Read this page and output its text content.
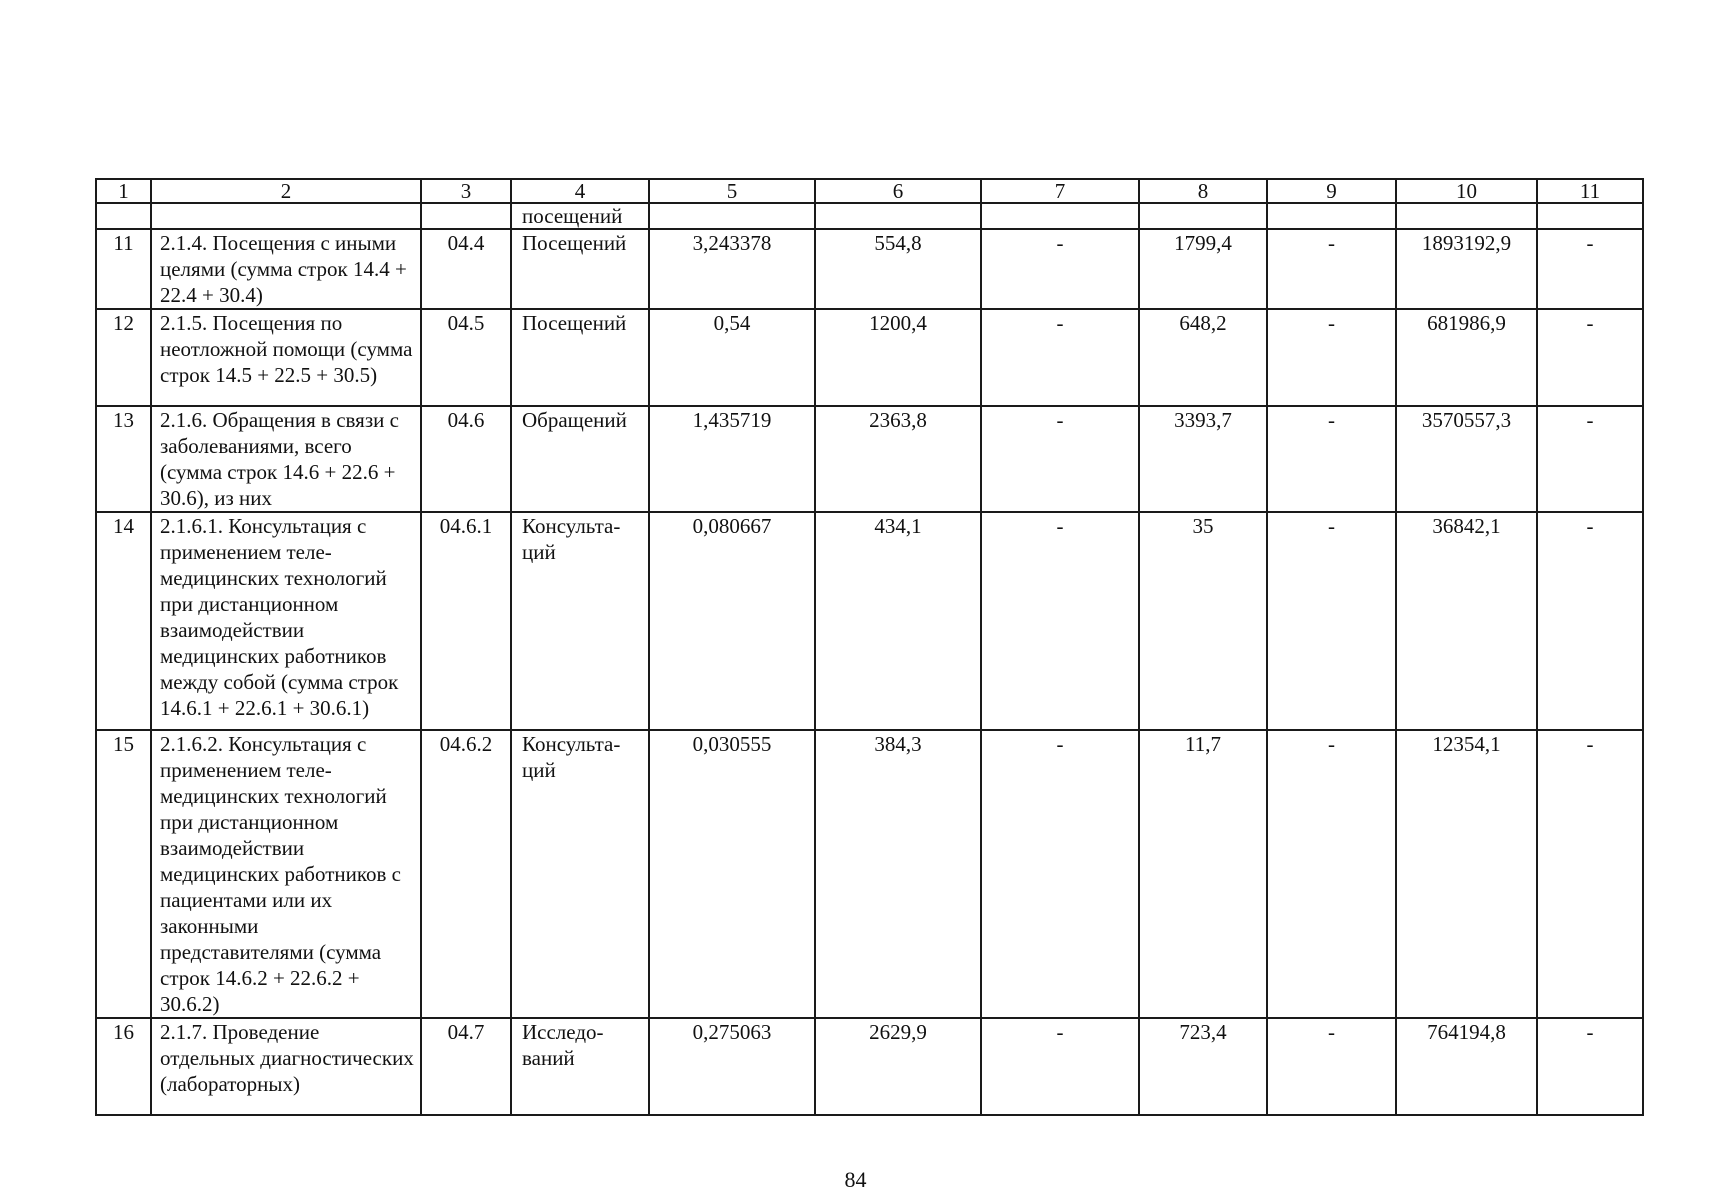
1	2	3	4	5	6	7	8	9	10	11
			посещений							
11	2.1.4. Посещения с иными целями (сумма строк 14.4 + 22.4 + 30.4)	04.4	Посещений	3,243378	554,8	-	1799,4	-	1893192,9	-
12	2.1.5. Посещения по неотложной помощи (сумма строк 14.5 + 22.5 + 30.5)	04.5	Посещений	0,54	1200,4	-	648,2	-	681986,9	-
13	2.1.6. Обращения в связи с заболеваниями, всего (сумма строк 14.6 + 22.6 + 30.6), из них	04.6	Обращений	1,435719	2363,8	-	3393,7	-	3570557,3	-
14	2.1.6.1. Консультация с применением теле-медицинских технологий при дистанционном взаимодействии медицинских работников между собой (сумма строк 14.6.1 + 22.6.1 + 30.6.1)	04.6.1	Консульта-ций	0,080667	434,1	-	35	-	36842,1	-
15	2.1.6.2. Консультация с применением теле-медицинских технологий при дистанционном взаимодействии медицинских работников с пациентами или их законными представителями (сумма строк 14.6.2 + 22.6.2 + 30.6.2)	04.6.2	Консульта-ций	0,030555	384,3	-	11,7	-	12354,1	-
16	2.1.7. Проведение отдельных диагностических (лабораторных)	04.7	Исследо-ваний	0,275063	2629,9	-	723,4	-	764194,8	-
84
